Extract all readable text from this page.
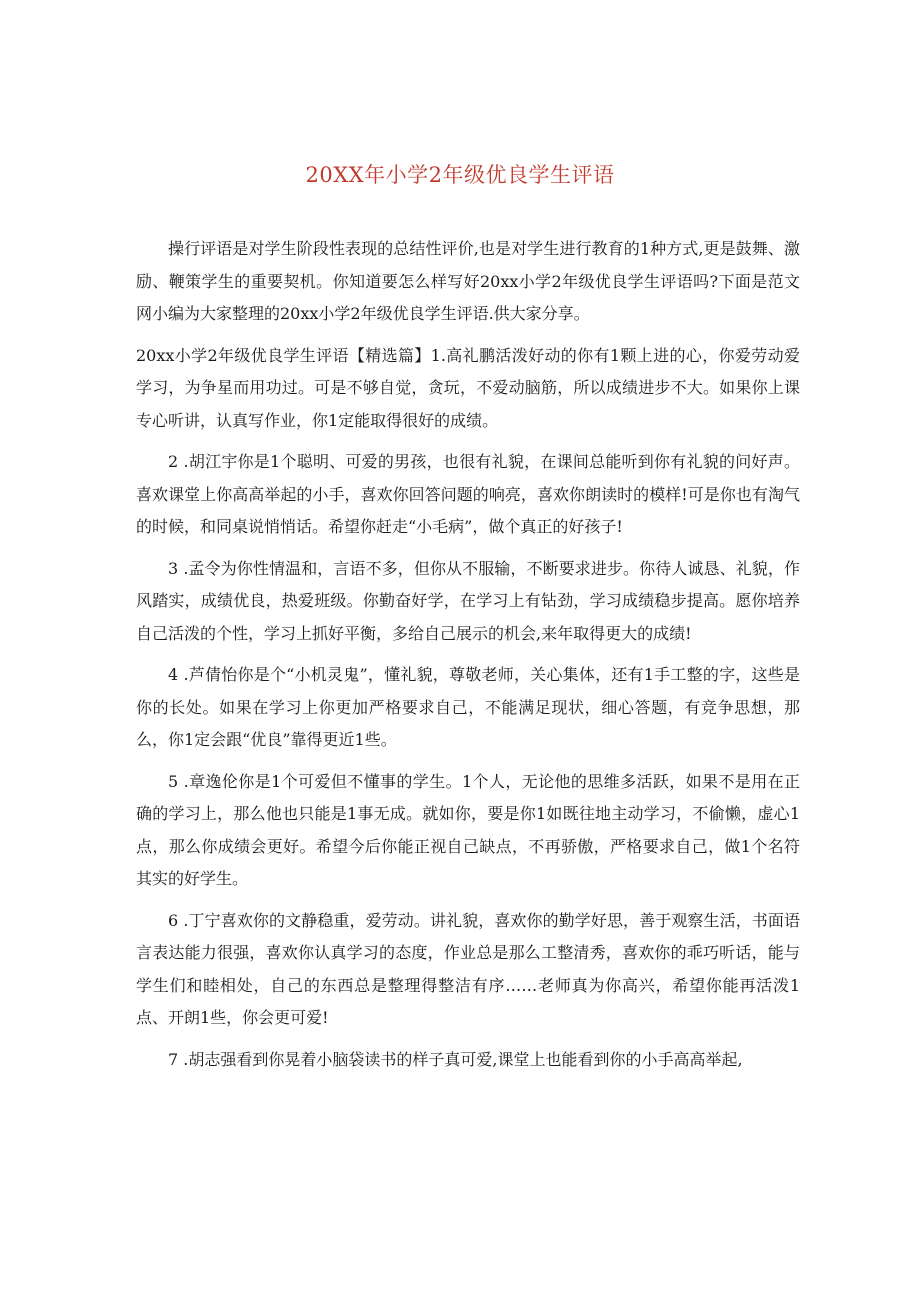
20XX年小学2年级优良学生评语

操行评语是对学生阶段性表现的总结性评价,也是对学生进行教育的1种方式,更是鼓舞、激励、鞭策学生的重要契机。你知道要怎么样写好20xx小学2年级优良学生评语吗?下面是范文网小编为大家整理的20xx小学2年级优良学生评语.供大家分享。

20xx小学2年级优良学生评语【精选篇】1.高礼鹏活泼好动的你有1颗上进的心，你爱劳动爱学习，为争星而用功过。可是不够自觉，贪玩，不爱动脑筋，所以成绩进步不大。如果你上课专心听讲，认真写作业，你1定能取得很好的成绩。

2 .胡江宇你是1个聪明、可爱的男孩，也很有礼貌，在课间总能听到你有礼貌的问好声。喜欢课堂上你高高举起的小手，喜欢你回答问题的响亮，喜欢你朗读时的模样!可是你也有淘气的时候，和同桌说悄悄话。希望你赶走“小毛病”，做个真正的好孩子!

3 .孟令为你性情温和，言语不多，但你从不服输，不断要求进步。你待人诚恳、礼貌，作风踏实，成绩优良，热爱班级。你勤奋好学，在学习上有钻劲，学习成绩稳步提高。愿你培养自己活泼的个性，学习上抓好平衡，多给自己展示的机会,来年取得更大的成绩!

4 .芦倩怡你是个“小机灵鬼”，懂礼貌，尊敬老师，关心集体，还有1手工整的字，这些是你的长处。如果在学习上你更加严格要求自己，不能满足现状，细心答题，有竞争思想，那么，你1定会跟“优良”靠得更近1些。

5 .章逸伦你是1个可爱但不懂事的学生。1个人，无论他的思维多活跃，如果不是用在正确的学习上，那么他也只能是1事无成。就如你，要是你1如既往地主动学习，不偷懒，虚心1点，那么你成绩会更好。希望今后你能正视自己缺点，不再骄傲，严格要求自己，做1个名符其实的好学生。

6 .丁宁喜欢你的文静稳重，爱劳动。讲礼貌，喜欢你的勤学好思，善于观察生活，书面语言表达能力很强，喜欢你认真学习的态度，作业总是那么工整清秀，喜欢你的乖巧听话，能与学生们和睦相处，自己的东西总是整理得整洁有序……老师真为你高兴，希望你能再活泼1点、开朗1些，你会更可爱!

7 .胡志强看到你晃着小脑袋读书的样子真可爱,课堂上也能看到你的小手高高举起,
